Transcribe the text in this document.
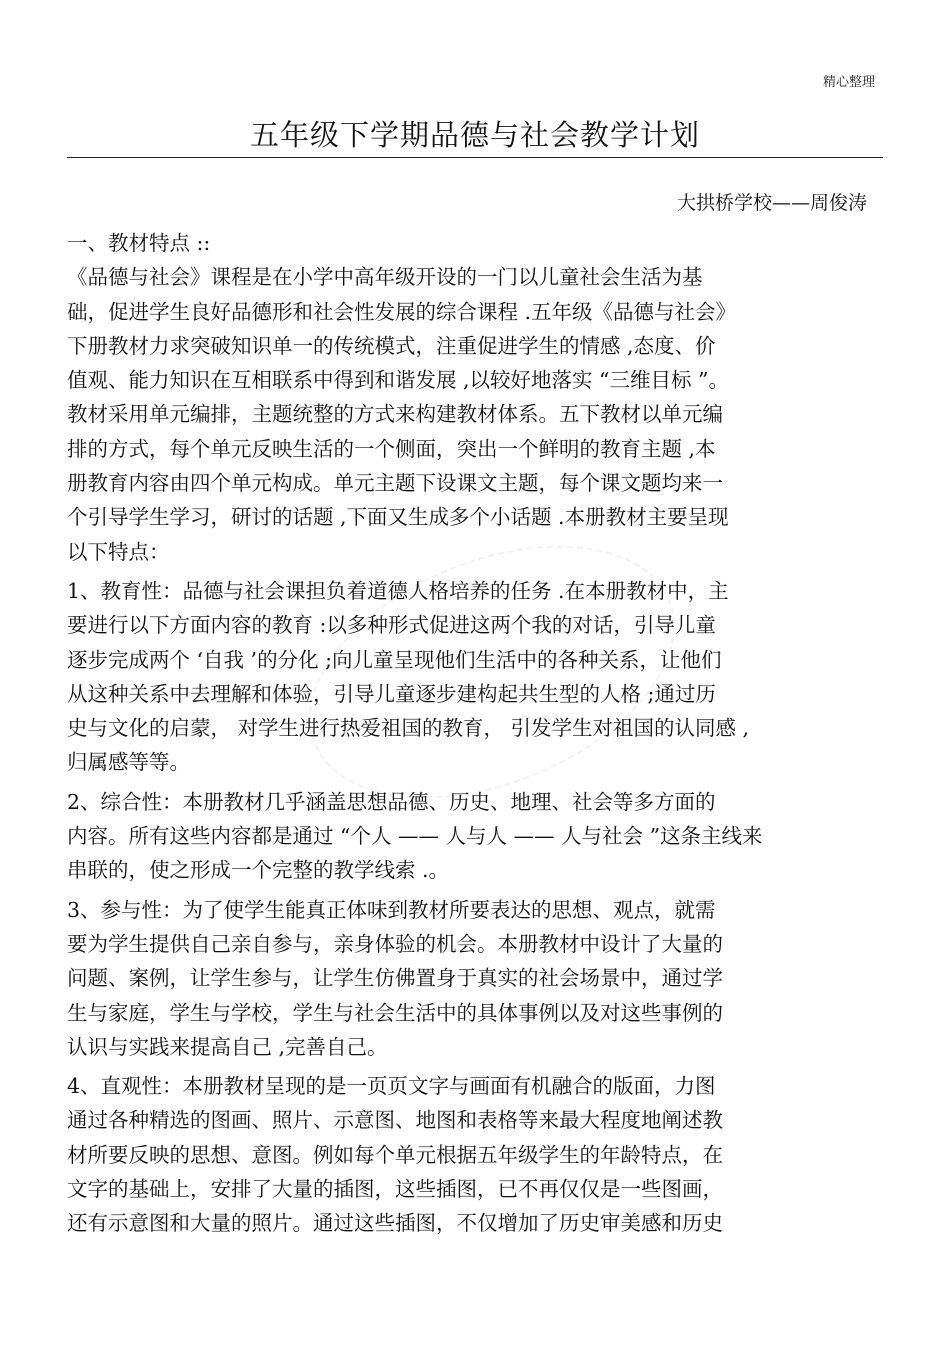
精心整理
五年级下学期品德与社会教学计划
大拱桥学校——周俊涛
一、教材特点 ::
《品德与社会》课程是在小学中高年级开设的一门以儿童社会生活为基
础，促进学生良好品德形和社会性发展的综合课程 .五年级《品德与社会》
下册教材力求突破知识单一的传统模式，注重促进学生的情感 ,态度、价
值观、能力知识在互相联系中得到和谐发展 ,以较好地落实 “三维目标 ”。
教材采用单元编排，主题统整的方式来构建教材体系。五下教材以单元编
排的方式，每个单元反映生活的一个侧面，突出一个鲜明的教育主题 ,本
册教育内容由四个单元构成。单元主题下设课文主题，每个课文题均来一
个引导学生学习，研讨的话题 ,下面又生成多个小话题 .本册教材主要呈现
以下特点：
1、教育性：品德与社会课担负着道德人格培养的任务 .在本册教材中，主
要进行以下方面内容的教育 :以多种形式促进这两个我的对话，引导儿童
逐步完成两个 ‘自我 ’的分化 ;向儿童呈现他们生活中的各种关系，让他们
从这种关系中去理解和体验，引导儿童逐步建构起共生型的人格 ;通过历
史与文化的启蒙， 对学生进行热爱祖国的教育， 引发学生对祖国的认同感 ,
归属感等等。
2、综合性：本册教材几乎涵盖思想品德、历史、地理、社会等多方面的
内容。所有这些内容都是通过 “个人 —— 人与人 —— 人与社会 ”这条主线来
串联的，使之形成一个完整的教学线索 .。
3、参与性：为了使学生能真正体味到教材所要表达的思想、观点，就需
要为学生提供自己亲自参与，亲身体验的机会。本册教材中设计了大量的
问题、案例，让学生参与，让学生仿佛置身于真实的社会场景中，通过学
生与家庭，学生与学校，学生与社会生活中的具体事例以及对这些事例的
认识与实践来提高自己 ,完善自己。
4、直观性：本册教材呈现的是一页页文字与画面有机融合的版面，力图
通过各种精选的图画、照片、示意图、地图和表格等来最大程度地阐述教
材所要反映的思想、意图。例如每个单元根据五年级学生的年龄特点，在
文字的基础上，安排了大量的插图，这些插图，已不再仅仅是一些图画，
还有示意图和大量的照片。通过这些插图，不仅增加了历史审美感和历史
